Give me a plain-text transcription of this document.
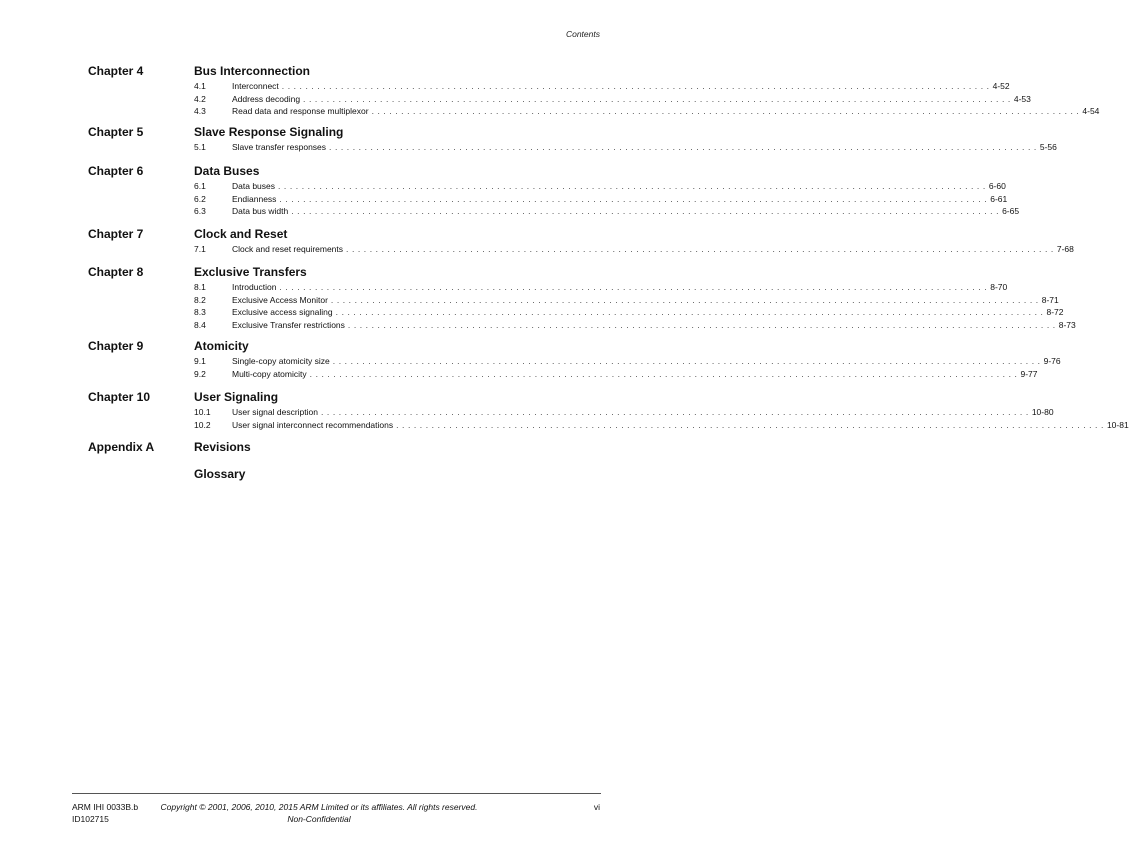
Contents
Chapter 4	Bus Interconnection
4.1	Interconnect . . . . . . . . . . . . . . . . . . . . . . . . . . . . . . . . . . . . . . . . . . . . . . . . . . . . . . . . . . . . . . . . . . . . . . . . . . . . . . . . . . . . . . . . . . . . . . . . . . . . . . . . . . . . . . . . . . . . . . . . 4-52
4.2	Address decoding . . . . . . . . . . . . . . . . . . . . . . . . . . . . . . . . . . . . . . . . . . . . . . . . . . . . . . . . . . . . . . . . . . . . . . . . . . . . . . . . . . . . . . . . . . . . . . . . . . . . . . . . . . . . . . . . . . . . . . . . 4-53
4.3	Read data and response multiplexor . . . . . . . . . . . . . . . . . . . . . . . . . . . . . . . . . . . . . . . . . . . . . . . . . . . . . . . . . . . . . . . . . . . . . . . . . . . . . . . . . . . . . . . . . . . . . . . . . . . . . . . . . . . . . . . . . . . . . . . . 4-54
Chapter 5	Slave Response Signaling
5.1	Slave transfer responses . . . . . . . . . . . . . . . . . . . . . . . . . . . . . . . . . . . . . . . . . . . . . . . . . . . . . . . . . . . . . . . . . . . . . . . . . . . . . . . . . . . . . . . . . . . . . . . . . . . . . . . . . . . . . . . . . . . . . . . . 5-56
Chapter 6	Data Buses
6.1	Data buses . . . . . . . . . . . . . . . . . . . . . . . . . . . . . . . . . . . . . . . . . . . . . . . . . . . . . . . . . . . . . . . . . . . . . . . . . . . . . . . . . . . . . . . . . . . . . . . . . . . . . . . . . . . . . . . . . . . . . . . . 6-60
6.2	Endianness . . . . . . . . . . . . . . . . . . . . . . . . . . . . . . . . . . . . . . . . . . . . . . . . . . . . . . . . . . . . . . . . . . . . . . . . . . . . . . . . . . . . . . . . . . . . . . . . . . . . . . . . . . . . . . . . . . . . . . . . 6-61
6.3	Data bus width . . . . . . . . . . . . . . . . . . . . . . . . . . . . . . . . . . . . . . . . . . . . . . . . . . . . . . . . . . . . . . . . . . . . . . . . . . . . . . . . . . . . . . . . . . . . . . . . . . . . . . . . . . . . . . . . . . . . . . . . 6-65
Chapter 7	Clock and Reset
7.1	Clock and reset requirements . . . . . . . . . . . . . . . . . . . . . . . . . . . . . . . . . . . . . . . . . . . . . . . . . . . . . . . . . . . . . . . . . . . . . . . . . . . . . . . . . . . . . . . . . . . . . . . . . . . . . . . . . . . . . . . . . . . . . . . . 7-68
Chapter 8	Exclusive Transfers
8.1	Introduction . . . . . . . . . . . . . . . . . . . . . . . . . . . . . . . . . . . . . . . . . . . . . . . . . . . . . . . . . . . . . . . . . . . . . . . . . . . . . . . . . . . . . . . . . . . . . . . . . . . . . . . . . . . . . . . . . . . . . . . . 8-70
8.2	Exclusive Access Monitor . . . . . . . . . . . . . . . . . . . . . . . . . . . . . . . . . . . . . . . . . . . . . . . . . . . . . . . . . . . . . . . . . . . . . . . . . . . . . . . . . . . . . . . . . . . . . . . . . . . . . . . . . . . . . . . . . . . . . . . . 8-71
8.3	Exclusive access signaling . . . . . . . . . . . . . . . . . . . . . . . . . . . . . . . . . . . . . . . . . . . . . . . . . . . . . . . . . . . . . . . . . . . . . . . . . . . . . . . . . . . . . . . . . . . . . . . . . . . . . . . . . . . . . . . . . . . . . . . . 8-72
8.4	Exclusive Transfer restrictions . . . . . . . . . . . . . . . . . . . . . . . . . . . . . . . . . . . . . . . . . . . . . . . . . . . . . . . . . . . . . . . . . . . . . . . . . . . . . . . . . . . . . . . . . . . . . . . . . . . . . . . . . . . . . . . . . . . . . . . . 8-73
Chapter 9	Atomicity
9.1	Single-copy atomicity size . . . . . . . . . . . . . . . . . . . . . . . . . . . . . . . . . . . . . . . . . . . . . . . . . . . . . . . . . . . . . . . . . . . . . . . . . . . . . . . . . . . . . . . . . . . . . . . . . . . . . . . . . . . . . . . . . . . . . . . . 9-76
9.2	Multi-copy atomicity . . . . . . . . . . . . . . . . . . . . . . . . . . . . . . . . . . . . . . . . . . . . . . . . . . . . . . . . . . . . . . . . . . . . . . . . . . . . . . . . . . . . . . . . . . . . . . . . . . . . . . . . . . . . . . . . . . . . . . . . 9-77
Chapter 10	User Signaling
10.1	User signal description . . . . . . . . . . . . . . . . . . . . . . . . . . . . . . . . . . . . . . . . . . . . . . . . . . . . . . . . . . . . . . . . . . . . . . . . . . . . . . . . . . . . . . . . . . . . . . . . . . . . . . . . . . . . . . . . . . . . . . . . 10-80
10.2	User signal interconnect recommendations . . . . . . . . . . . . . . . . . . . . . . . . . . . . . . . . . . . . . . . . . . . . . . . . . . . . . . . . . . . . . . . . . . . . . . . . . . . . . . . . . . . . . . . . . . . . . . . . . . . . . . . . . . . . . . . . . . . . . . . . 10-81
Appendix A	Revisions
Glossary
ARM IHI 0033B.b
ID102715
Copyright © 2001, 2006, 2010, 2015 ARM Limited or its affiliates. All rights reserved.
Non-Confidential
vi
